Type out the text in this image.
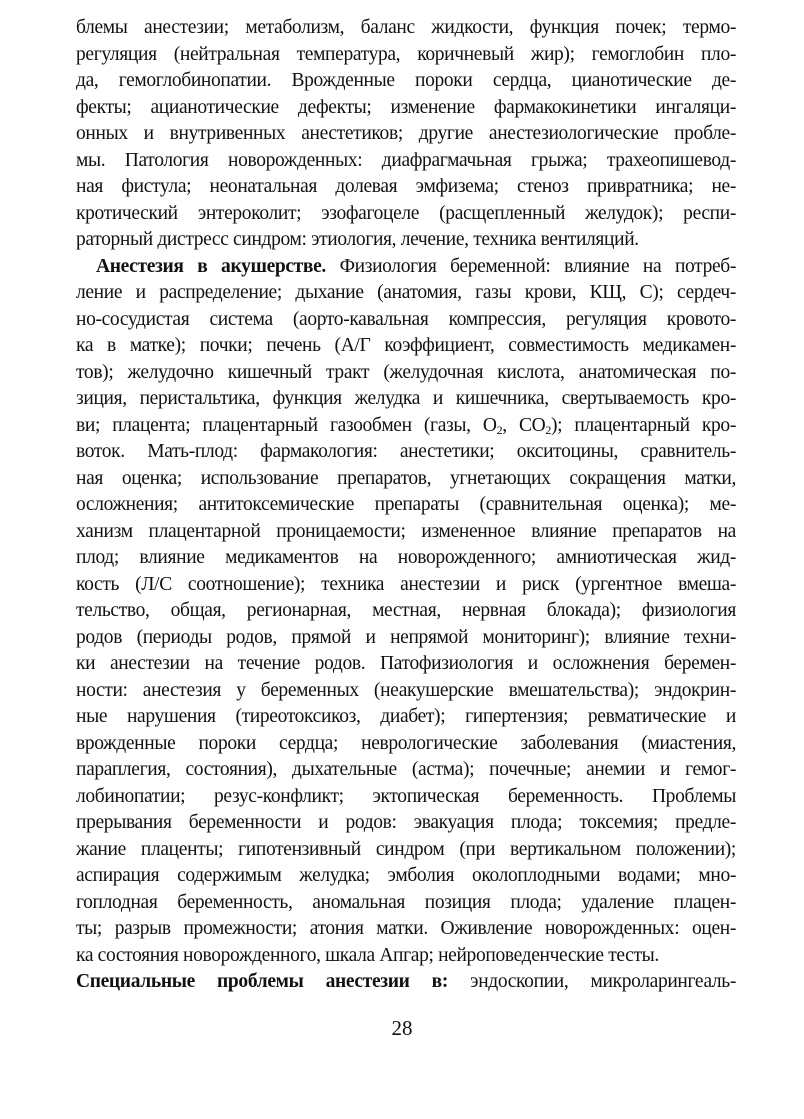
блемы анестезии; метаболизм, баланс жидкости, функция почек; термо-
регуляция (нейтральная температура, коричневый жир); гемоглобин пло-
да, гемоглобинопатии. Врожденные пороки сердца, цианотические де-
фекты; ацианотические дефекты; изменение фармакокинетики ингаляци-
онных и внутривенных анестетиков; другие анестезиологические пробле-
мы. Патология новорожденных: диафрагмачьная грыжа; трахеопишевод-
ная фистула; неонатальная долевая эмфизема; стеноз привратника; не-
кротический энтероколит; эзофагоцеле (расщепленный желудок); респи-
раторный дистресс синдром: этиология, лечение, техника вентиляций.
Анестезия в акушерстве. Физиология беременной: влияние на потреб-
ление и распределение; дыхание (анатомия, газы крови, КЩ, С); сердеч-
но-сосудистая система (аорто-кавальная компрессия, регуляция кровото-
ка в матке); почки; печень (А/Г коэффициент, совместимость медикамен-
тов); желудочно кишечный тракт (желудочная кислота, анатомическая по-
зиция, перистальтика, функция желудка и кишечника, свертываемость кро-
ви; плацента; плацентарный газообмен (газы, $О_2$, $СО_2$); плацентарный кро-
воток. Мать-плод: фармакология: анестетики; окситоцины, сравнитель-
ная оценка; использование препаратов, угнетающих сокращения матки,
осложнения; антитоксемические препараты (сравнительная оценка); ме-
ханизм плацентарной проницаемости; измененное влияние препаратов на
плод; влияние медикаментов на новорожденного; амниотическая жид-
кость (Л/С соотношение); техника анестезии и риск (ургентное вмеша-
тельство, общая, регионарная, местная, нервная блокада); физиология
родов (периоды родов, прямой и непрямой мониторинг); влияние техни-
ки анестезии на течение родов. Патофизиология и осложнения беремен-
ности: анестезия у беременных (неакушерские вмешательства); эндокрин-
ные нарушения (тиреотоксикоз, диабет); гипертензия; ревматические и
врожденные пороки сердца; неврологические заболевания (миастения,
параплегия, состояния), дыхательные (астма); почечные; анемии и гемог-
лобинопатии; резус-конфликт; эктопическая беременность. Проблемы
прерывания беременности и родов: эвакуация плода; токсемия; предле-
жание плаценты; гипотензивный синдром (при вертикальном положении);
аспирация содержимым желудка; эмболия околоплодными водами; мно-
гоплодная беременность, аномальная позиция плода; удаление плацен-
ты; разрыв промежности; атония матки. Оживление новорожденных: оцен-
ка состояния новорожденного, шкала Апгар; нейроповеденческие тесты.
Специальные проблемы анестезии в: эндоскопии, микроларингеаль-
28
